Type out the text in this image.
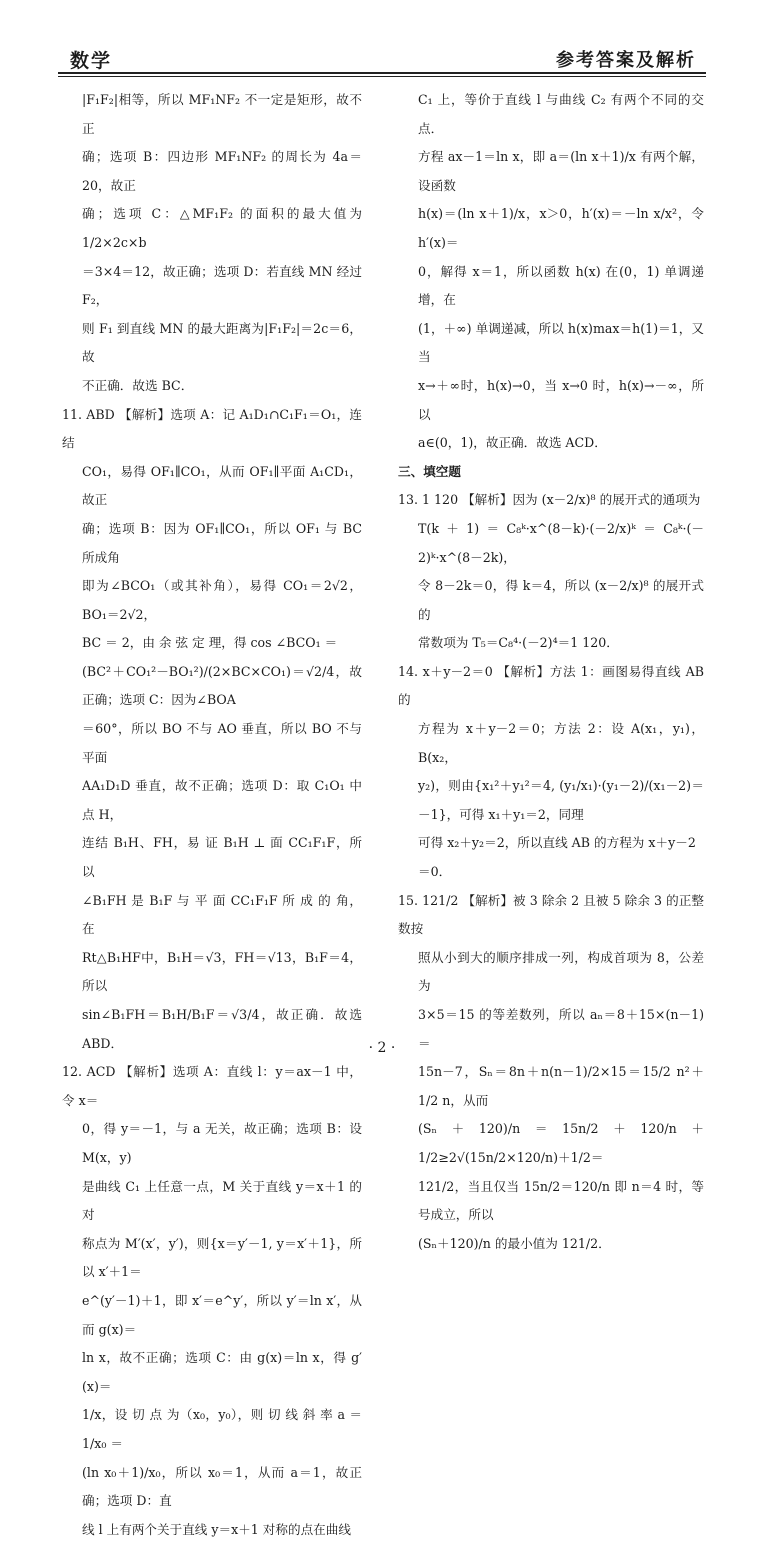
数学	参考答案及解析

|F₁F₂|相等，所以 MF₁NF₂ 不一定是矩形，故不正

确；选项 B：四边形 MF₁NF₂ 的周长为 4a＝20，故正

确；选项 C：△MF₁F₂ 的面积的最大值为 1/2×2c×b

＝3×4＝12，故正确；选项 D：若直线 MN 经过 F₂，

则 F₁ 到直线 MN 的最大距离为|F₁F₂|＝2c＝6，故

不正确．故选 BC．

11. ABD 【解析】选项 A：记 A₁D₁∩C₁F₁＝O₁，连结

CO₁，易得 OF₁∥CO₁，从而 OF₁∥平面 A₁CD₁，故正

确；选项 B：因为 OF₁∥CO₁，所以 OF₁ 与 BC 所成角

即为∠BCO₁（或其补角），易得 CO₁＝2√2，BO₁＝2√2，

BC ＝ 2，由 余 弦 定 理，得 cos ∠BCO₁ ＝

(BC²＋CO₁²－BO₁²)/(2×BC×CO₁)＝√2/4，故正确；选项 C：因为∠BOA

＝60°，所以 BO 不与 AO 垂直，所以 BO 不与平面

AA₁D₁D 垂直，故不正确；选项 D：取 C₁O₁ 中点 H，

连结 B₁H、FH，易 证 B₁H ⊥ 面 CC₁F₁F，所 以

∠B₁FH 是 B₁F 与 平 面 CC₁F₁F 所 成 的 角，在

Rt△B₁HF中，B₁H＝√3，FH＝√13，B₁F＝4，所以

sin∠B₁FH＝B₁H/B₁F＝√3/4，故正确．故选 ABD．

12. ACD 【解析】选项 A：直线 l：y＝ax－1 中，令 x＝

0，得 y＝－1，与 a 无关，故正确；选项 B：设 M(x，y)

是曲线 C₁ 上任意一点，M 关于直线 y＝x＋1 的对

称点为 M′(x′，y′)，则{x＝y′－1, y＝x′＋1}，所以 x′＋1＝

e^(y′－1)＋1，即 x′＝e^y′，所以 y′＝ln x′，从而 g(x)＝

ln x，故不正确；选项 C：由 g(x)＝ln x，得 g′(x)＝

1/x，设 切 点 为（x₀，y₀），则 切 线 斜 率 a ＝ 1/x₀ ＝

(ln x₀＋1)/x₀，所以 x₀＝1，从而 a＝1，故正确；选项 D：直

线 l 上有两个关于直线 y＝x＋1 对称的点在曲线

C₁ 上，等价于直线 l 与曲线 C₂ 有两个不同的交点．

方程 ax－1＝ln x，即 a＝(ln x＋1)/x 有两个解，设函数

h(x)＝(ln x＋1)/x，x＞0，h′(x)＝－ln x/x²，令 h′(x)＝

0，解得 x＝1，所以函数 h(x) 在(0，1) 单调递增，在

(1，＋∞) 单调递减，所以 h(x)max＝h(1)＝1，又当

x→＋∞时，h(x)→0，当 x→0 时，h(x)→－∞，所以

a∈(0，1)，故正确．故选 ACD．

三、填空题

13. 1 120 【解析】因为 (x－2/x)⁸ 的展开式的通项为

T(k＋1)＝C₈ᵏ·x^(8－k)·(－2/x)ᵏ＝C₈ᵏ·(－2)ᵏ·x^(8－2k)，

令 8－2k＝0，得 k＝4，所以 (x－2/x)⁸ 的展开式的

常数项为 T₅＝C₈⁴·(－2)⁴＝1 120．

14. x＋y－2＝0 【解析】方法 1：画图易得直线 AB 的

方程为 x＋y－2＝0；方法 2：设 A(x₁，y₁)，B(x₂，

y₂)，则由{x₁²＋y₁²＝4, (y₁/x₁)·(y₁－2)/(x₁－2)＝－1}，可得 x₁＋y₁＝2，同理

可得 x₂＋y₂＝2，所以直线 AB 的方程为 x＋y－2

＝0．

15. 121/2 【解析】被 3 除余 2 且被 5 除余 3 的正整数按

照从小到大的顺序排成一列，构成首项为 8，公差为

3×5＝15 的等差数列，所以 aₙ＝8＋15×(n－1)＝

15n－7，Sₙ＝8n＋n(n－1)/2×15＝15/2 n²＋1/2 n，从而

(Sₙ＋120)/n＝15n/2＋120/n＋1/2≥2√(15n/2×120/n)＋1/2＝

121/2，当且仅当 15n/2＝120/n 即 n＝4 时，等号成立，所以

(Sₙ＋120)/n 的最小值为 121/2．

· 2 ·
